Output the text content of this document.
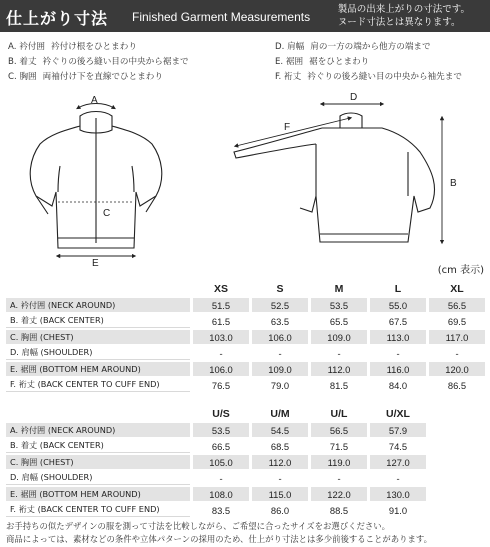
仕上がり寸法 Finished Garment Measurements
製品の出来上がりの寸法です。
ヌード寸法とは異なります。
A. 衿付囲 衿付け根をひとまわり
B. 着丈 衿ぐりの後ろ縫い目の中央から裾まで
C. 胸囲 両袖付け下を直線でひとまわり
D. 肩幅 肩の一方の端から他方の端まで
E. 裾囲 裾をひとまわり
F. 裄丈 衿ぐりの後ろ縫い目の中央から袖先まで
A
C
E
D
F
B
(cm 表示)
		XS		S		M		L		XL
A. 衿付囲 (NECK AROUND)		51.5		52.5		53.5		55.0		56.5
B. 着丈 (BACK CENTER)		61.5		63.5		65.5		67.5		69.5
C. 胸囲 (CHEST)		103.0		106.0		109.0		113.0		117.0
D. 肩幅 (SHOULDER)		-		-		-		-		-
E. 裾囲 (BOTTOM HEM AROUND)		106.0		109.0		112.0		116.0		120.0
F. 裄丈 (BACK CENTER TO CUFF END)		76.5		79.0		81.5		84.0		86.5
		U/S		U/M		U/L		U/XL
A. 衿付囲 (NECK AROUND)		53.5		54.5		56.5		57.9
B. 着丈 (BACK CENTER)		66.5		68.5		71.5		74.5
C. 胸囲 (CHEST)		105.0		112.0		119.0		127.0
D. 肩幅 (SHOULDER)		-		-		-		-
E. 裾囲 (BOTTOM HEM AROUND)		108.0		115.0		122.0		130.0
F. 裄丈 (BACK CENTER TO CUFF END)		83.5		86.0		88.5		91.0
お手持ちの似たデザインの服を測って寸法を比較しながら、ご希望に合ったサイズをお選びください。
商品によっては、素材などの条件や立体パターンの採用のため、仕上がり寸法とは多少前後することがあります。
